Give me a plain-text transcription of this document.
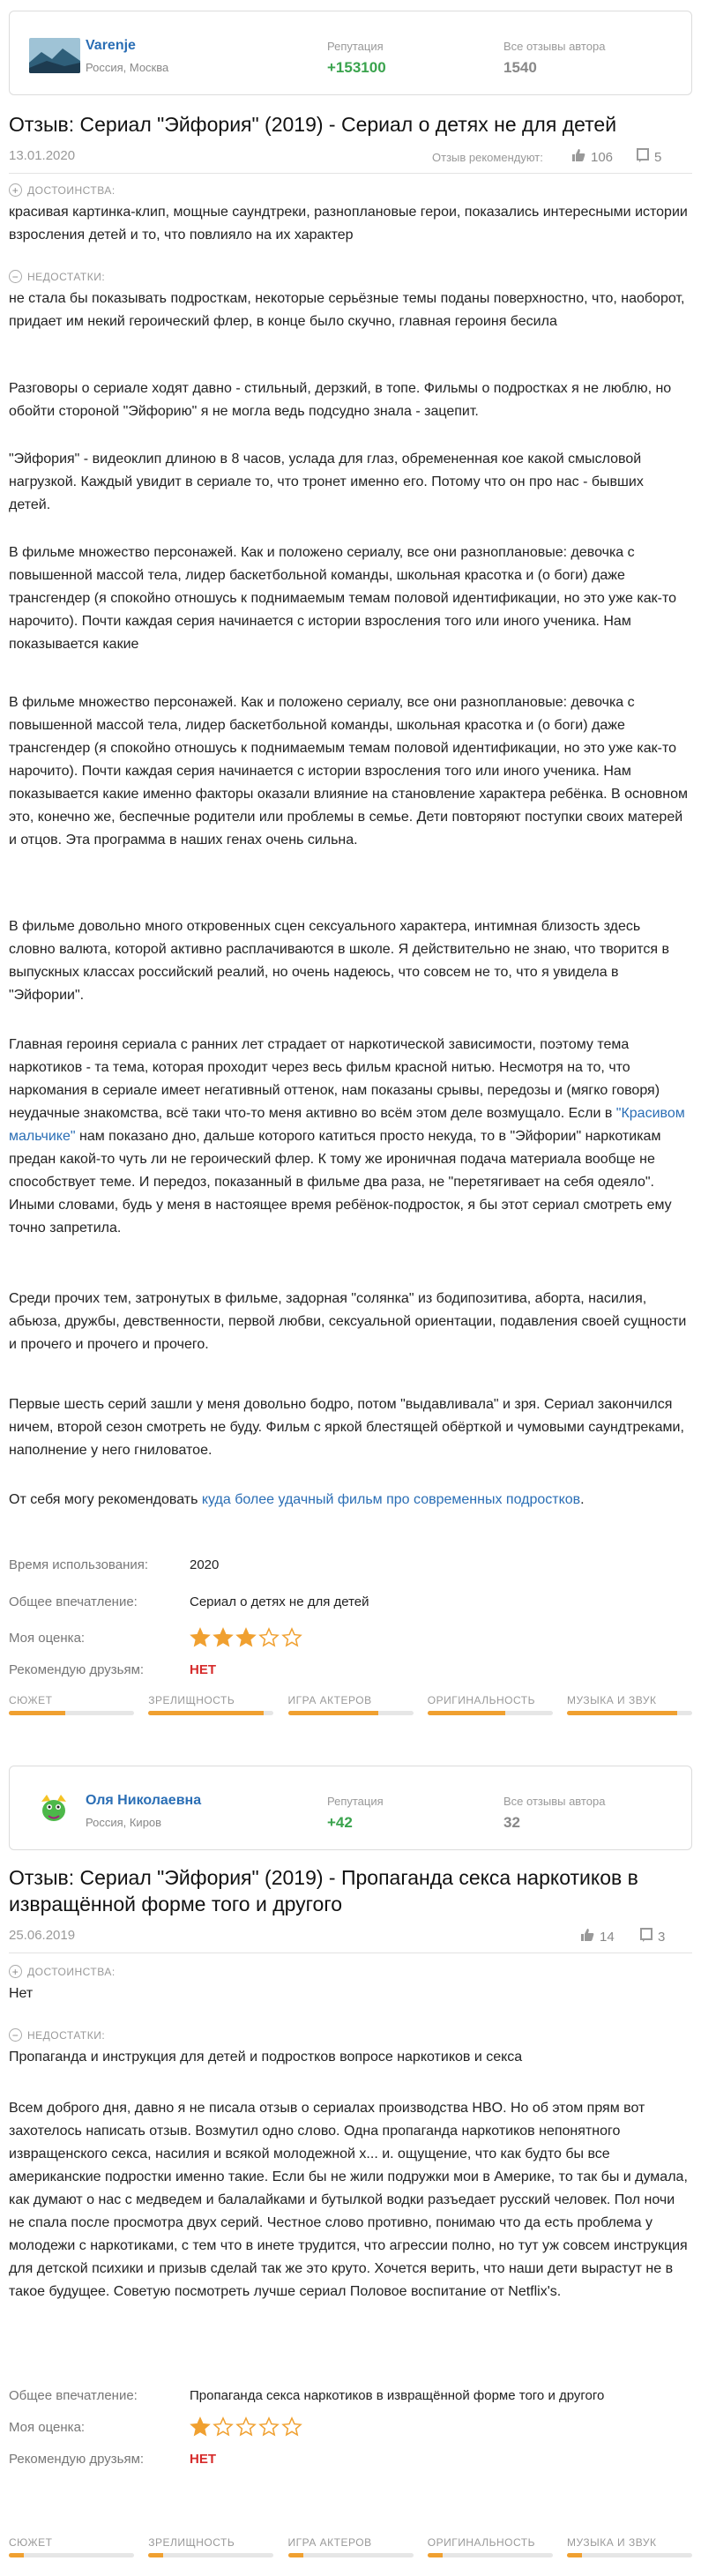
Varenje
Россия, Москва
Репутация
+153100
Все отзывы автора
1540
Отзыв: Сериал "Эйфория" (2019) - Сериал о детях не для детей
13.01.2020	Отзыв рекомендуют:	106	5
+ ДОСТОИНСТВА:
красивая картинка-клип, мощные саундтреки, разноплановые герои, показались интересными истории взросления детей и то, что повлияло на их характер
− НЕДОСТАТКИ:
не стала бы показывать подросткам, некоторые серьёзные темы поданы поверхностно, что, наоборот, придает им некий героический флер, в конце было скучно, главная героиня бесила
Разговоры о сериале ходят давно - стильный, дерзкий, в топе. Фильмы о подростках я не люблю, но обойти стороной "Эйфорию" я не могла ведь подсудно знала - зацепит.
"Эйфория" - видеоклип длиною в 8 часов, услада для глаз, обремененная кое какой смысловой нагрузкой. Каждый увидит в сериале то, что тронет именно его. Потому что он про нас - бывших детей.
В фильме множество персонажей. Как и положено сериалу, все они разноплановые: девочка с повышенной массой тела, лидер баскетбольной команды, школьная красотка и (о боги) даже трансгендер (я спокойно отношусь к поднимаемым темам половой идентификации, но это уже как-то нарочито). Почти каждая серия начинается с истории взросления того или иного ученика. Нам показывается какие
В фильме множество персонажей. Как и положено сериалу, все они разноплановые: девочка с повышенной массой тела, лидер баскетбольной команды, школьная красотка и (о боги) даже трансгендер (я спокойно отношусь к поднимаемым темам половой идентификации, но это уже как-то нарочито). Почти каждая серия начинается с истории взросления того или иного ученика. Нам показывается какие именно факторы оказали влияние на становление характера ребёнка. В основном это, конечно же, беспечные родители или проблемы в семье. Дети повторяют поступки своих матерей и отцов. Эта программа в наших генах очень сильна.
В фильме довольно много откровенных сцен сексуального характера, интимная близость здесь словно валюта, которой активно расплачиваются в школе. Я действительно не знаю, что творится в выпускных классах российский реалий, но очень надеюсь, что совсем не то, что я увидела в "Эйфории".
Главная героиня сериала с ранних лет страдает от наркотической зависимости, поэтому тема наркотиков - та тема, которая проходит через весь фильм красной нитью. Несмотря на то, что наркомания в сериале имеет негативный оттенок, нам показаны срывы, передозы и (мягко говоря) неудачные знакомства, всё таки что-то меня активно во всём этом деле возмущало. Если в "Красивом мальчике" нам показано дно, дальше которого катиться просто некуда, то в "Эйфории" наркотикам предан какой-то чуть ли не героический флер. К тому же ироничная подача материала вообще не способствует теме. И передоз, показанный в фильме два раза, не "перетягивает на себя одеяло". Иными словами, будь у меня в настоящее время ребёнок-подросток, я бы этот сериал смотреть ему точно запретила.
Среди прочих тем, затронутых в фильме, задорная "солянка" из бодипозитива, аборта, насилия, абьюза, дружбы, девственности, первой любви, сексуальной ориентации, подавления своей сущности и прочего и прочего и прочего.
Первые шесть серий зашли у меня довольно бодро, потом "выдавливала" и зря. Сериал закончился ничем, второй сезон смотреть не буду. Фильм с яркой блестящей обёрткой и чумовыми саундтреками, наполнение у него гниловатое.
От себя могу рекомендовать куда более удачный фильм про современных подростков.
Время использования:	2020
Общее впечатление:	Сериал о детях не для детей
Моя оценка:
Рекомендую друзьям:	НЕТ
СЮЖЕТ	ЗРЕЛИЩНОСТЬ	ИГРА АКТЕРОВ	ОРИГИНАЛЬНОСТЬ	МУЗЫКА И ЗВУК
Оля Николаевна
Россия, Киров
Репутация
+42
Все отзывы автора
32
Отзыв: Сериал "Эйфория" (2019) - Пропаганда секса наркотиков в извращённой форме того и другого
25.06.2019	14	3
+ ДОСТОИНСТВА:
Нет
− НЕДОСТАТКИ:
Пропаганда и инструкция для детей и подростков вопросе наркотиков и секса
Всем доброго дня, давно я не писала отзыв о сериалах производства HBO. Но об этом прям вот захотелось написать отзыв. Возмутил одно слово. Одна пропаганда наркотиков непонятного извращенского секса, насилия и всякой молодежной х... и. ощущение, что как будто бы все американские подростки именно такие. Если бы не жили подружки мои в Америке, то так бы и думала, как думают о нас с медведем и балалайками и бутылкой водки разъедает русский человек. Пол ночи не спала после просмотра двух серий. Честное слово противно, понимаю что да есть проблема у молодежи с наркотиками, с тем что в инете трудится, что агрессии полно, но тут уж совсем инструкция для детской психики и призыв сделай так же это круто. Хочется верить, что наши дети вырастут не в такое будущее. Советую посмотреть лучше сериал Половое воспитание от Netflix's.
Общее впечатление:	Пропаганда секса наркотиков в извращённой форме того и другого
Моя оценка:
Рекомендую друзьям:	НЕТ
СЮЖЕТ	ЗРЕЛИЩНОСТЬ	ИГРА АКТЕРОВ	ОРИГИНАЛЬНОСТЬ	МУЗЫКА И ЗВУК
